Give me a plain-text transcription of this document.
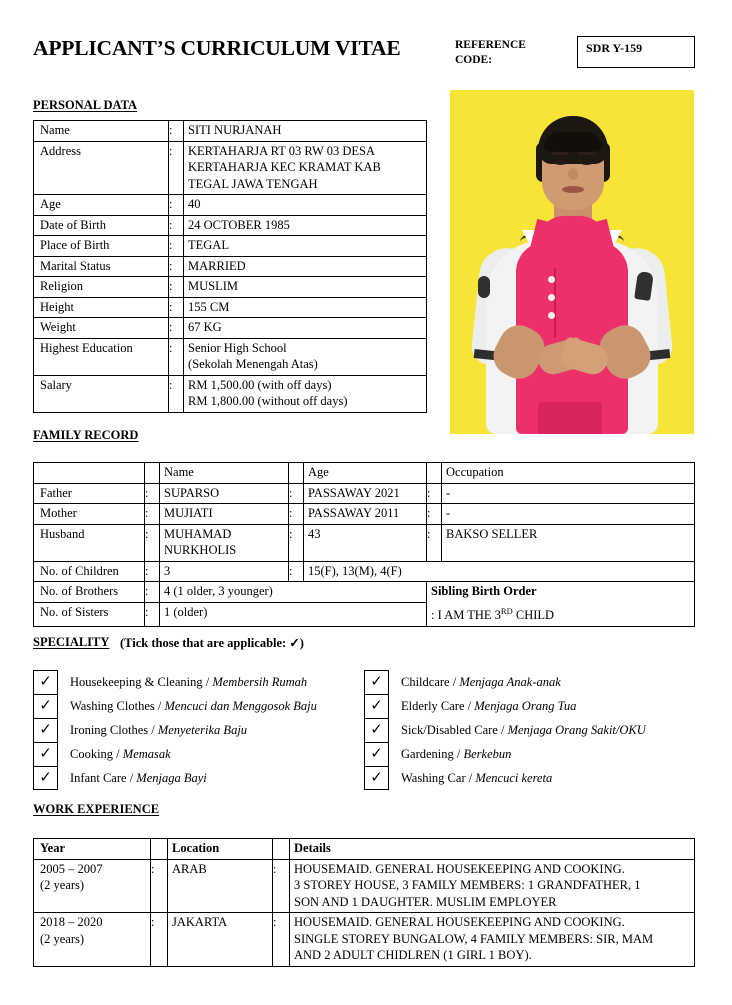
APPLICANT’S CURRICULUM VITAE	REFERENCE CODE:
SDR Y-159
PERSONAL DATA
Name	:	SITI NURJANAH

Address	:	KERTAHARJA RT 03 RW 03 DESA
KERTAHARJA KEC KRAMAT KAB
TEGAL JAWA TENGAH

Age	:	40

Date of Birth	:	24 OCTOBER 1985

Place of Birth	:	TEGAL

Marital Status	:	MARRIED

Religion	:	MUSLIM

Height	:	155 CM

Weight	:	67 KG

Highest Education	:	Senior High School
(Sekolah Menengah Atas)

Salary	:	RM 1,500.00 (with off days)
RM 1,800.00 (without off days)
FAMILY RECORD
		Name		Age		Occupation
Father	:	SUPARSO	:	PASSAWAY 2021	:	-
Mother	:	MUJIATI	:	PASSAWAY 2011	:	-
Husband	:	MUHAMAD
NURKHOLIS	:	43	:	BAKSO SELLER
No. of Children	:	3	:	15(F), 13(M), 4(F)		
No. of Brothers	:	4 (1 older, 3 younger)			Sibling Birth Order	
No. of Sisters	:	1 (older)			: I AM THE 3RD CHILD	
SPECIALITY (Tick those that are applicable: ✓)
✓	Housekeeping & Cleaning / Membersih Rumah
✓	Washing Clothes / Mencuci dan Menggosok Baju
✓	Ironing Clothes / Menyeterika Baju
✓	Cooking / Memasak
✓	Infant Care / Menjaga Bayi
✓	Childcare / Menjaga Anak-anak
✓	Elderly Care / Menjaga Orang Tua
✓	Sick/Disabled Care / Menjaga Orang Sakit/OKU
✓	Gardening / Berkebun
✓	Washing Car / Mencuci kereta
WORK EXPERIENCE
Year		Location		Details

2005 – 2007
(2 years)	:	ARAB	:	HOUSEMAID. GENERAL HOUSEKEEPING AND COOKING.
3 STOREY HOUSE, 3 FAMILY MEMBERS: 1 GRANDFATHER, 1
SON AND 1 DAUGHTER. MUSLIM EMPLOYER

2018 – 2020
(2 years)	:	JAKARTA	:	HOUSEMAID. GENERAL HOUSEKEEPING AND COOKING.
SINGLE STOREY BUNGALOW, 4 FAMILY MEMBERS: SIR, MAM
AND 2 ADULT CHIDLREN (1 GIRL 1 BOY).
